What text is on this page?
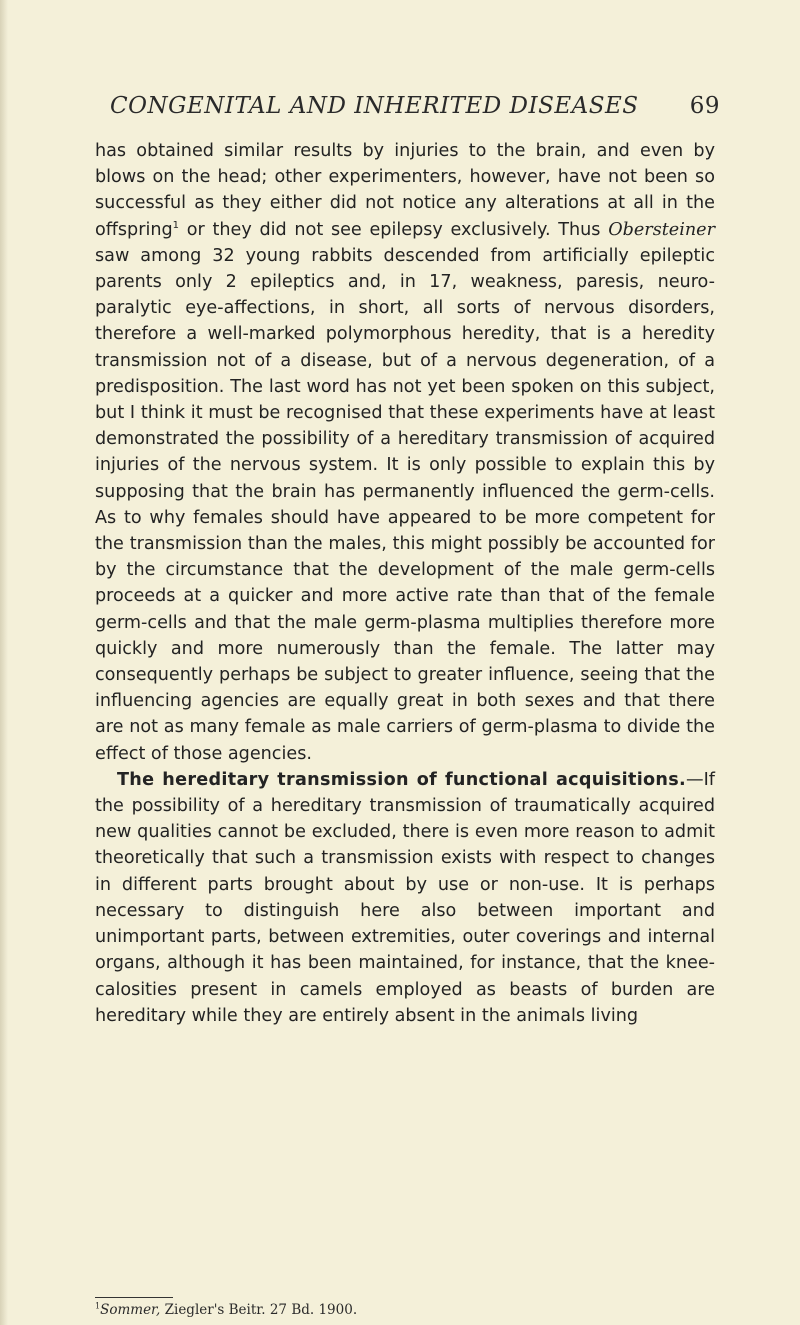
CONGENITAL AND INHERITED DISEASES 69

has obtained similar results by injuries to the brain, and even by blows on the head; other experimenters, however, have not been so successful as they either did not notice any alterations at all in the offspring$^1$ or they did not see epilepsy exclusively. Thus Obersteiner saw among 32 young rabbits descended from artificially epileptic parents only 2 epileptics and, in 17, weakness, paresis, neuro-paralytic eye-affections, in short, all sorts of nervous disorders, therefore a well-marked polymorphous heredity, that is a heredity transmission not of a disease, but of a nervous degeneration, of a predisposition. The last word has not yet been spoken on this subject, but I think it must be recognised that these experiments have at least demonstrated the possibility of a hereditary transmission of acquired injuries of the nervous system. It is only possible to explain this by supposing that the brain has permanently influenced the germ-cells. As to why females should have appeared to be more competent for the transmission than the males, this might possibly be accounted for by the circumstance that the development of the male germ-cells proceeds at a quicker and more active rate than that of the female germ-cells and that the male germ-plasma multiplies therefore more quickly and more numerously than the female. The latter may consequently perhaps be subject to greater influence, seeing that the influencing agencies are equally great in both sexes and that there are not as many female as male carriers of germ-plasma to divide the effect of those agencies.

The hereditary transmission of functional acquisitions.—If the possibility of a hereditary transmission of traumatically acquired new qualities cannot be excluded, there is even more reason to admit theoretically that such a transmission exists with respect to changes in different parts brought about by use or non-use. It is perhaps necessary to distinguish here also between important and unimportant parts, between extremities, outer coverings and internal organs, although it has been maintained, for instance, that the knee-calosities present in camels employed as beasts of burden are hereditary while they are entirely absent in the animals living

$^1$Sommer, Ziegler's Beitr. 27 Bd. 1900.
